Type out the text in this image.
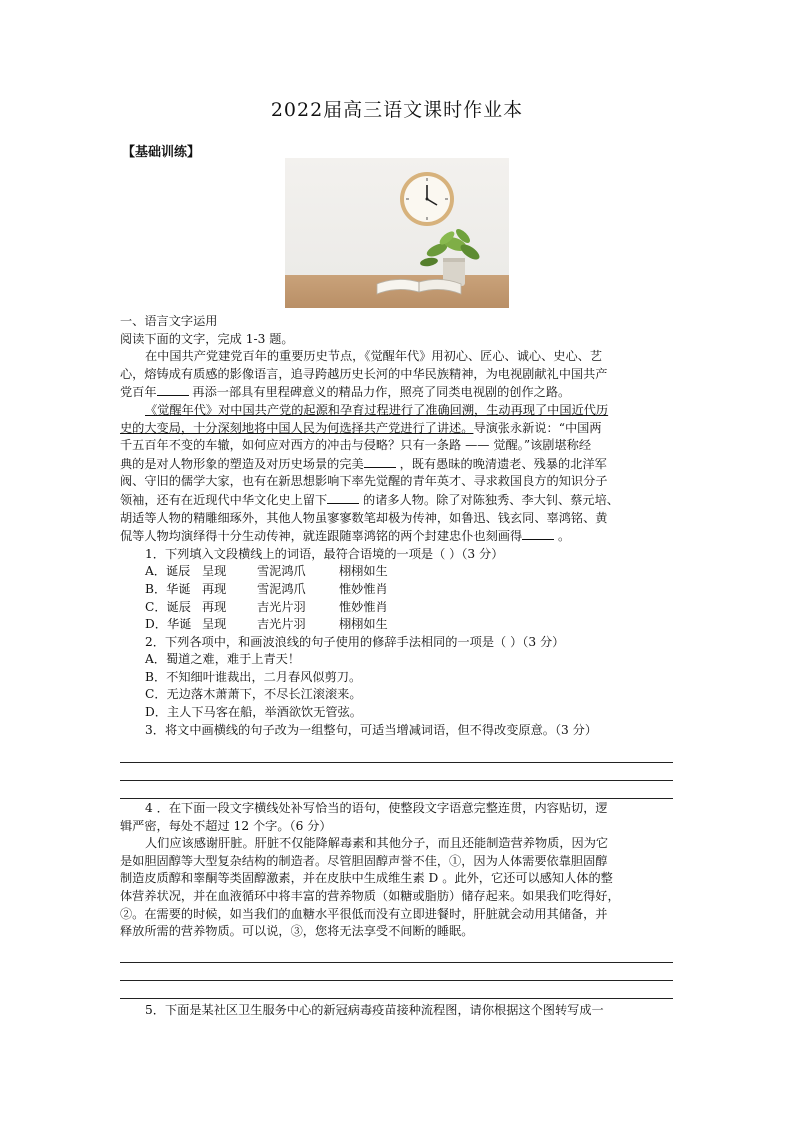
2022届高三语文课时作业本
【基础训练】

一、语言文字运用

阅读下面的文字，完成 1-3 题。

在中国共产党建党百年的重要历史节点，《觉醒年代》用初心、匠心、诚心、史心、艺

心，熔铸成有质感的影像语言，追寻跨越历史长河的中华民族精神，为电视剧献礼中国共产

党百年	再添一部具有里程碑意义的精品力作，照亮了同类电视剧的创作之路。

《觉醒年代》对中国共产党的起源和孕育过程进行了准确回溯，生动再现了中国近代历

史的大变局，十分深刻地将中国人民为何选择共产党进行了讲述。导演张永新说：“中国两

千五百年不变的车辙，如何应对西方的冲击与侵略？只有一条路 —— 觉醒。”该剧堪称经

典的是对人物形象的塑造及对历史场景的完美	，既有愚昧的晚清遗老、残暴的北洋军

阀、守旧的儒学大家，也有在新思想影响下率先觉醒的青年英才、寻求救国良方的知识分子

领袖，还有在近现代中华文化史上留下	的诸多人物。除了对陈独秀、李大钊、蔡元培、

胡适等人物的精雕细琢外，其他人物虽寥寥数笔却极为传神，如鲁迅、钱玄同、辜鸿铭、黄

侃等人物均演绎得十分生动传神，就连跟随辜鸿铭的两个封建忠仆也刻画得	。

1．下列填入文段横线上的词语，最符合语境的一项是（ ）（3 分）

A．诞辰 呈现	雪泥鸿爪	栩栩如生

B．华诞 再现	雪泥鸿爪	惟妙惟肖

C．诞辰 再现	吉光片羽	惟妙惟肖

D．华诞 呈现	吉光片羽	栩栩如生

2．下列各项中，和画波浪线的句子使用的修辞手法相同的一项是（ ）（3 分）

A．蜀道之难，难于上青天！

B．不知细叶谁裁出，二月春风似剪刀。

C．无边落木萧萧下，不尽长江滚滚来。

D．主人下马客在船，举酒欲饮无管弦。

3．将文中画横线的句子改为一组整句，可适当增减词语，但不得改变原意。（3 分）

4 ．在下面一段文字横线处补写恰当的语句，使整段文字语意完整连贯，内容贴切，逻

辑严密，每处不超过 12 个字。（6 分）

人们应该感谢肝脏。肝脏不仅能降解毒素和其他分子，而且还能制造营养物质，因为它

是如胆固醇等大型复杂结构的制造者。尽管胆固醇声誉不佳，①，因为人体需要依靠胆固醇

制造皮质醇和睾酮等类固醇激素，并在皮肤中生成维生素 D 。此外，它还可以感知人体的整

体营养状况，并在血液循环中将丰富的营养物质（如糖或脂肪）储存起来。如果我们吃得好，

②。在需要的时候，如当我们的血糖水平很低而没有立即进餐时，肝脏就会动用其储备，并

释放所需的营养物质。可以说，③，您将无法享受不间断的睡眠。

5．下面是某社区卫生服务中心的新冠病毒疫苗接种流程图，请你根据这个图转写成一
